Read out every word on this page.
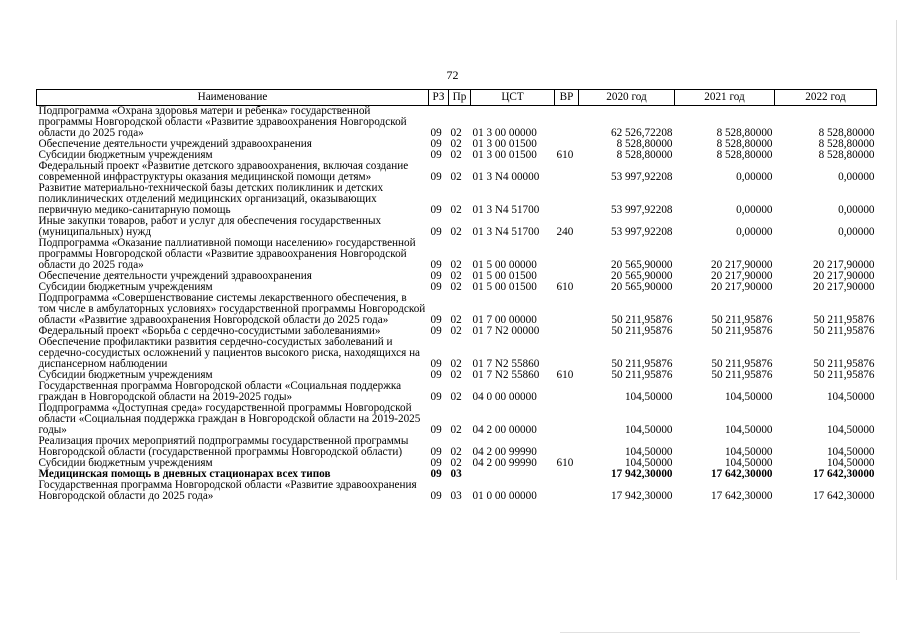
72
Наименование	РЗ	Пр	ЦСТ	ВР	2020 год	2021 год	2022 год
Подпрограмма «Охрана здоровья матери и ребенка» государственной программы Новгородской области «Развитие здравоохранения Новгородской области до 2025 года»	09	02	01 3 00 00000		62 526,72208	8 528,80000	8 528,80000
Обеспечение деятельности учреждений здравоохранения	09	02	01 3 00 01500		8 528,80000	8 528,80000	8 528,80000
Субсидии бюджетным учреждениям	09	02	01 3 00 01500	610	8 528,80000	8 528,80000	8 528,80000
Федеральный проект «Развитие детского здравоохранения, включая создание современной инфраструктуры оказания медицинской помощи детям»	09	02	01 3 N4 00000		53 997,92208	0,00000	0,00000
Развитие материально-технической базы детских поликлиник и детских поликлинических отделений медицинских организаций, оказывающих первичную медико-санитарную помощь	09	02	01 3 N4 51700		53 997,92208	0,00000	0,00000
Иные закупки товаров, работ и услуг для обеспечения государственных (муниципальных) нужд	09	02	01 3 N4 51700	240	53 997,92208	0,00000	0,00000
Подпрограмма «Оказание паллиативной помощи населению» государственной программы Новгородской области «Развитие здравоохранения Новгородской области до 2025 года»	09	02	01 5 00 00000		20 565,90000	20 217,90000	20 217,90000
Обеспечение деятельности учреждений здравоохранения	09	02	01 5 00 01500		20 565,90000	20 217,90000	20 217,90000
Субсидии бюджетным учреждениям	09	02	01 5 00 01500	610	20 565,90000	20 217,90000	20 217,90000
Подпрограмма «Совершенствование системы лекарственного обеспечения, в том числе в амбулаторных условиях» государственной программы Новгородской области «Развитие здравоохранения Новгородской области до 2025 года»	09	02	01 7 00 00000		50 211,95876	50 211,95876	50 211,95876
Федеральный проект «Борьба с сердечно-сосудистыми заболеваниями»	09	02	01 7 N2 00000		50 211,95876	50 211,95876	50 211,95876
Обеспечение профилактики развития сердечно-сосудистых заболеваний и сердечно-сосудистых осложнений у пациентов высокого риска, находящихся на диспансерном наблюдении	09	02	01 7 N2 55860		50 211,95876	50 211,95876	50 211,95876
Субсидии бюджетным учреждениям	09	02	01 7 N2 55860	610	50 211,95876	50 211,95876	50 211,95876
Государственная программа Новгородской области «Социальная поддержка граждан в Новгородской области на 2019-2025 годы»	09	02	04 0 00 00000		104,50000	104,50000	104,50000
Подпрограмма «Доступная среда» государственной программы Новгородской области «Социальная поддержка граждан в Новгородской области на 2019-2025 годы»	09	02	04 2 00 00000		104,50000	104,50000	104,50000
Реализация прочих мероприятий подпрограммы государственной программы Новгородской области (государственной программы Новгородской области)	09	02	04 2 00 99990		104,50000	104,50000	104,50000
Субсидии бюджетным учреждениям	09	02	04 2 00 99990	610	104,50000	104,50000	104,50000
Медицинская помощь в дневных стационарах всех типов	09	03			17 942,30000	17 642,30000	17 642,30000
Государственная программа Новгородской области «Развитие здравоохранения Новгородской области до 2025 года»	09	03	01 0 00 00000		17 942,30000	17 642,30000	17 642,30000
